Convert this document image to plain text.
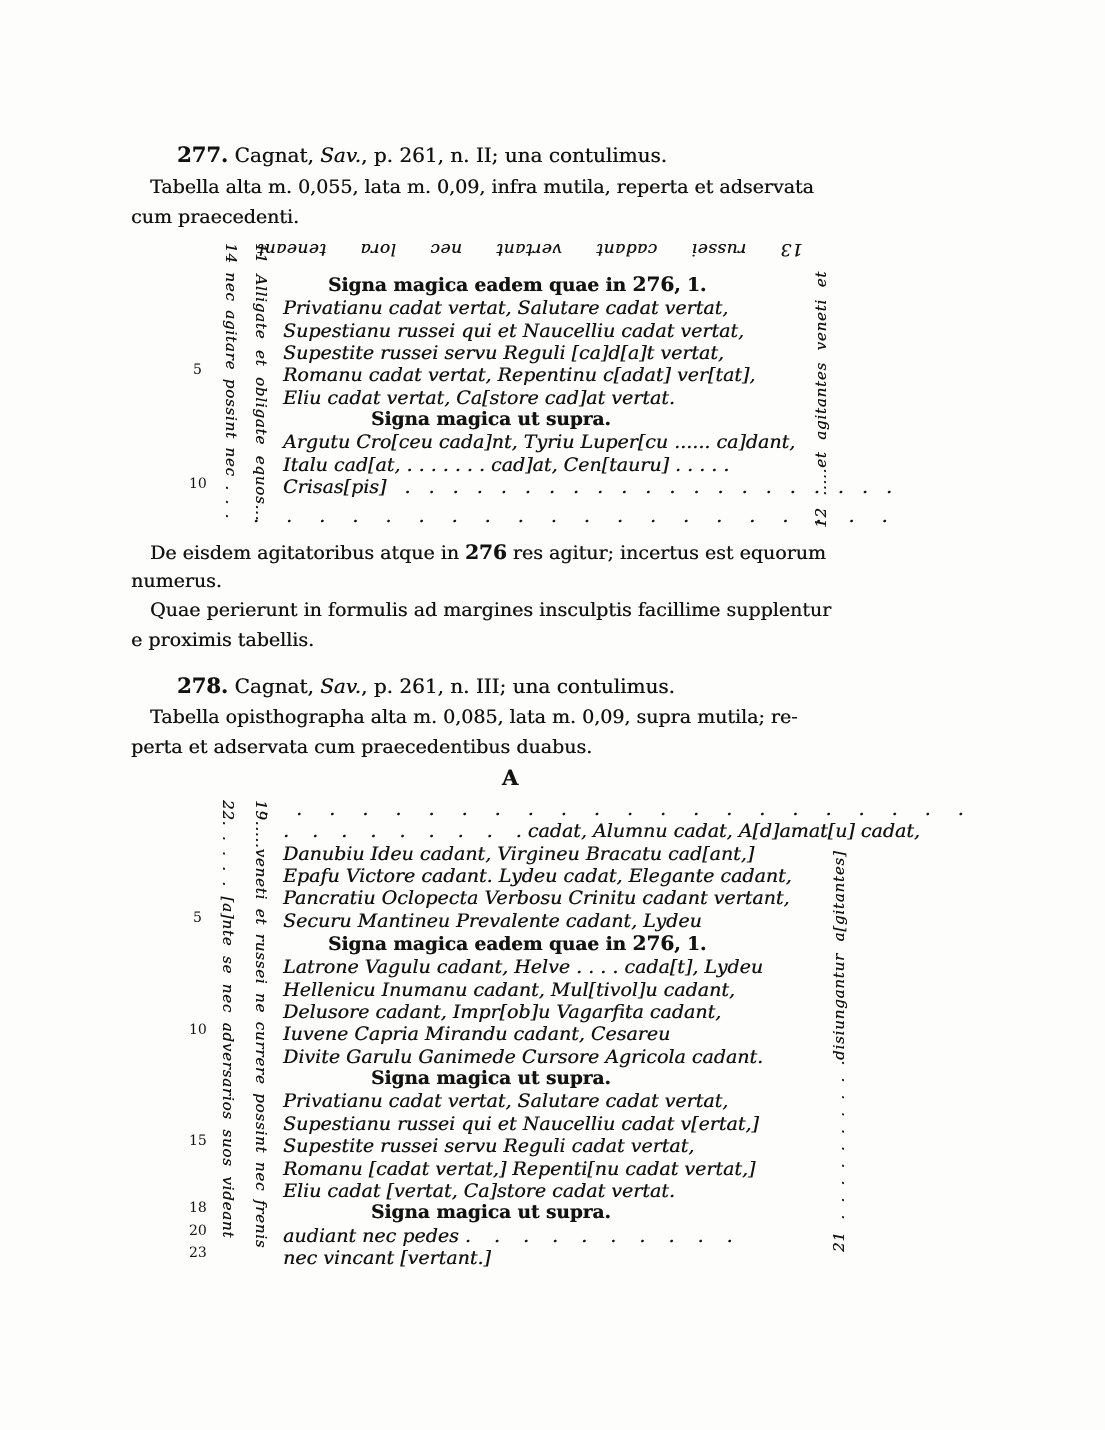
277. Cagnat, Sav., p. 261, n. II; una contulimus.
Tabella alta m. 0,055, lata m. 0,09, infra mutila, reperta et adservata
cum praecedenti.
13 russei cadant vertant nec lora teneant
14 nec agitare possint nec . . . 11 Alligate et obligate equos...	12 .....et agitantes veneti et
5
10
Signa magica eadem quae in 276, 1.
Privatianu cadat vertat, Salutare cadat vertat,
Supestianu russei qui et Naucelliu cadat vertat,
Supestite russei servu Reguli [ca]d[a]t vertat,
Romanu cadat vertat, Repentinu c[adat] ver[tat],
Eliu cadat vertat, Ca[store cad]at vertat.
Signa magica ut supra.
Argutu Cro[ceu cada]nt, Tyriu Luper[cu ...... ca]dant,
Italu cad[at, . . . . . . . cad]at, Cen[tauru] . . . . .
Crisas[pis] . . . . . . . . . . . . . . . . . . . . .
. . . . . . . . . . . . . . . . . . . .
De eisdem agitatoribus atque in 276 res agitur; incertus est equorum
numerus.
Quae perierunt in formulis ad margines insculptis facillime supplentur
e proximis tabellis.
278. Cagnat, Sav., p. 261, n. III; una contulimus.
Tabella opisthographa alta m. 0,085, lata m. 0,09, supra mutila; re-
perta et adservata cum praecedentibus duabus.
A
22. . . . . [a]nte se nec adversarios suos videant 19.....veneti et russei ne currere possint nec frenis	21 . . . . . . . . . .disiungantur a[gitantes]
5
10
15
18
20
23
. . . . . . . . . . . . . . . . . . . . . .
. . . . . . . . . cadat, Alumnu cadat, A[d]amat[u] cadat,
Danubiu Ideu cadant, Virgineu Bracatu cad[ant,]
Epafu Victore cadant. Lydeu cadat, Elegante cadant,
Pancratiu Oclopecta Verbosu Crinitu cadant vertant,
Securu Mantineu Prevalente cadant, Lydeu
Signa magica eadem quae in 276, 1.
Latrone Vagulu cadant, Helve . . . . cada[t], Lydeu
Hellenicu Inumanu cadant, Mul[tivol]u cadant,
Delusore cadant, Impr[ob]u Vagarfita cadant,
Iuvene Capria Mirandu cadant, Cesareu
Divite Garulu Ganimede Cursore Agricola cadant.
Signa magica ut supra.
Privatianu cadat vertat, Salutare cadat vertat,
Supestianu russei qui et Naucelliu cadat v[ertat,]
Supestite russei servu Reguli cadat vertat,
Romanu [cadat vertat,] Repenti[nu cadat vertat,]
Eliu cadat [vertat, Ca]store cadat vertat.
Signa magica ut supra.
audiant nec pedes . . . . . . . . . .
nec vincant [vertant.]
